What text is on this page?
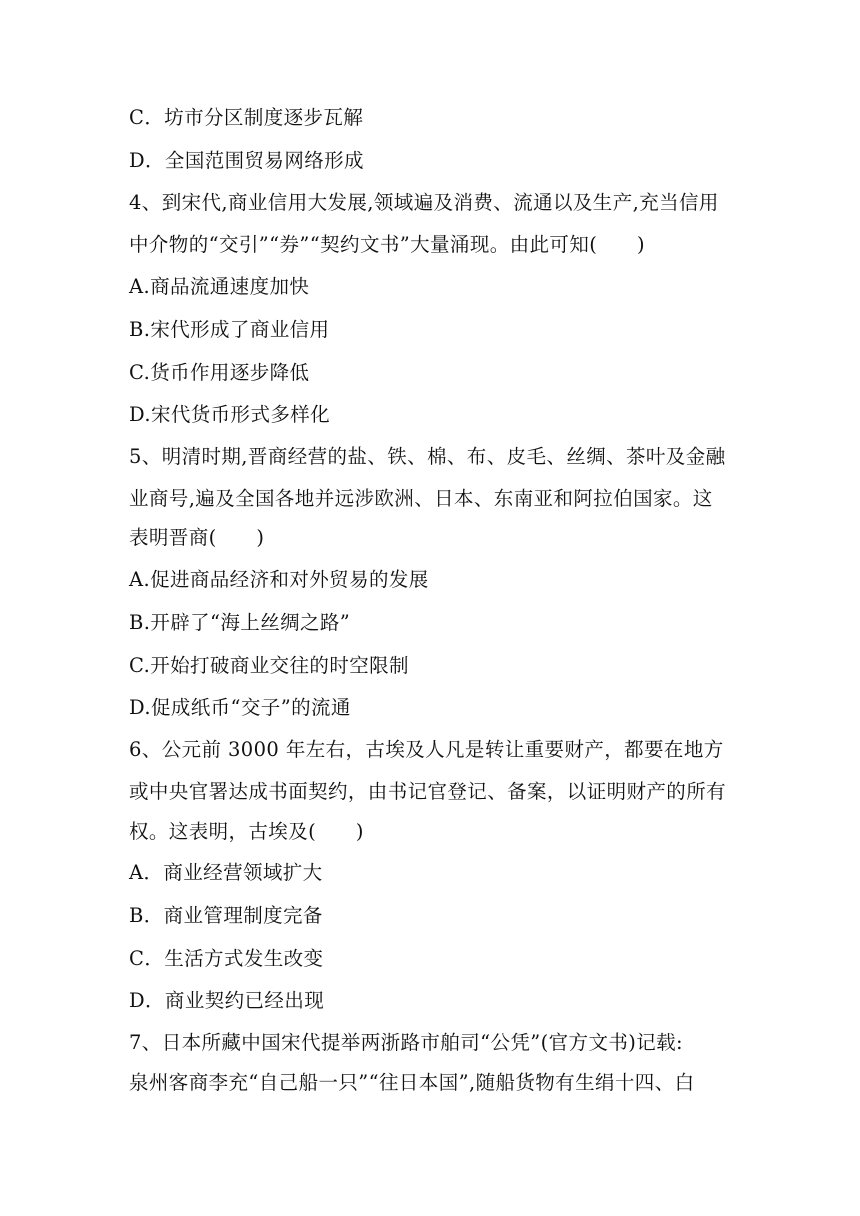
C．坊市分区制度逐步瓦解
D．全国范围贸易网络形成
4、到宋代,商业信用大发展,领域遍及消费、流通以及生产,充当信用
中介物的“交引”“券”“契约文书”大量涌现。由此可知(　　)
A.商品流通速度加快
B.宋代形成了商业信用
C.货币作用逐步降低
D.宋代货币形式多样化
5、明清时期,晋商经营的盐、铁、棉、布、皮毛、丝绸、茶叶及金融
业商号,遍及全国各地并远涉欧洲、日本、东南亚和阿拉伯国家。这
表明晋商(　　)
A.促进商品经济和对外贸易的发展
B.开辟了“海上丝绸之路”
C.开始打破商业交往的时空限制
D.促成纸币“交子”的流通
6、公元前 3000 年左右，古埃及人凡是转让重要财产，都要在地方
或中央官署达成书面契约，由书记官登记、备案，以证明财产的所有
权。这表明，古埃及(　　)
A．商业经营领域扩大
B．商业管理制度完备
C．生活方式发生改变
D．商业契约已经出现
7、日本所藏中国宋代提举两浙路市舶司“公凭”(官方文书)记载:
泉州客商李充“自己船一只”“往日本国”,随船货物有生绢十四、白
